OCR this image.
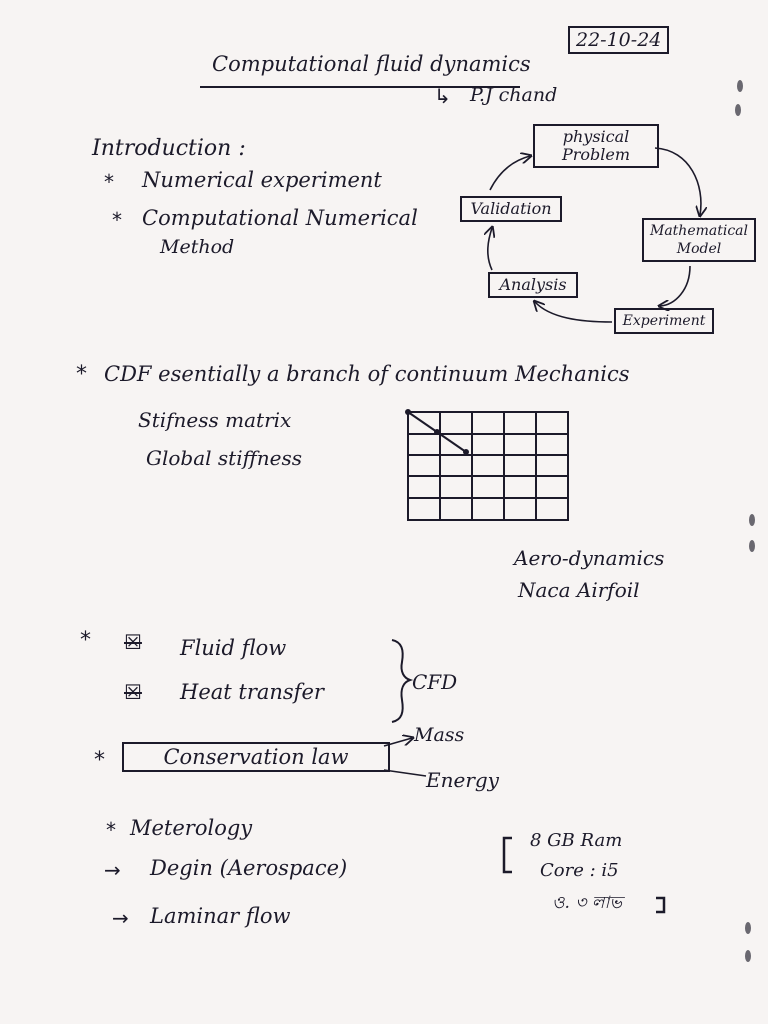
22-10-24
Computational fluid dynamics
↳ P.J chand
Introduction :
* Numerical experiment
* Computational Numerical
Method
physical
Problem
Validation
Mathematical
Model
Analysis
Experiment
* CDF esentially a branch of continuum Mechanics
Stifness matrix
Global stiffness
Aero-dynamics
Naca Airfoil
* ☒ Fluid flow
☒ Heat transfer	CFD
*	Conservation law
Mass
Energy
* Meterology
→ Degin (Aerospace)
→ Laminar flow
8 GB Ram
Core : i5
ও. ৩ লাভ
